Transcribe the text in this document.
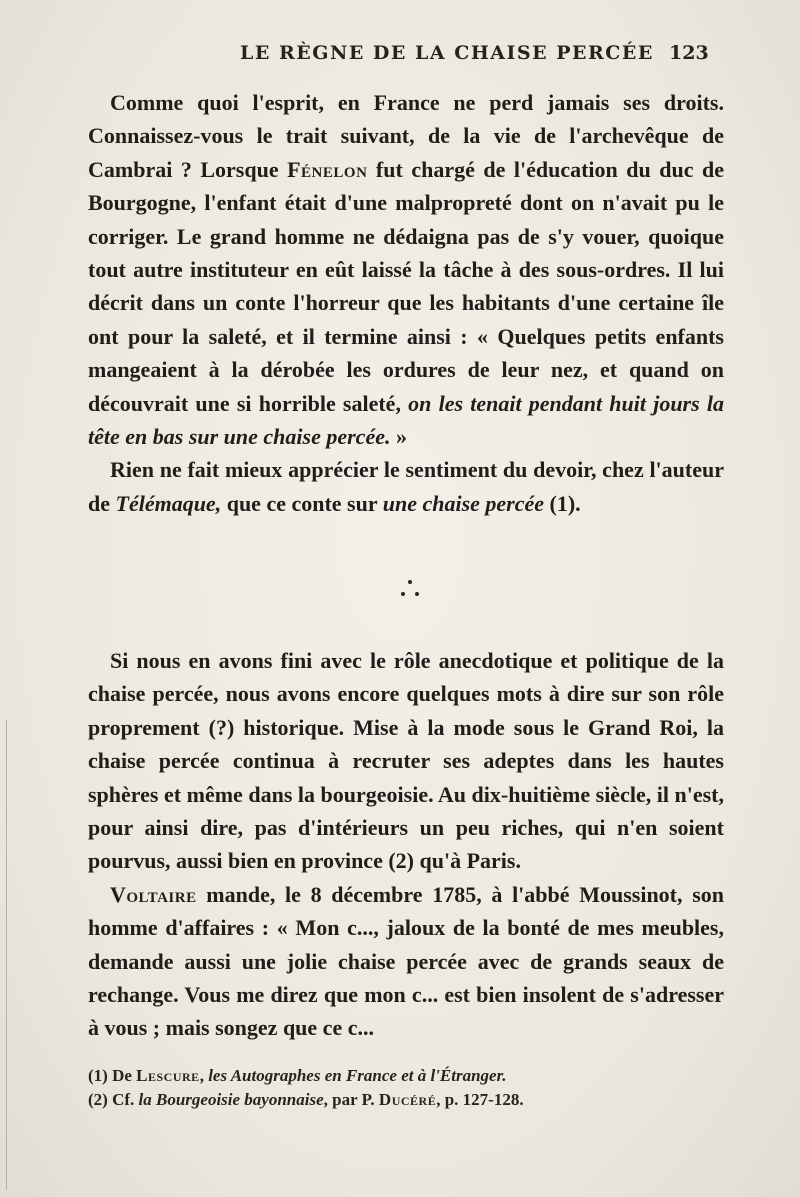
LE RÈGNE DE LA CHAISE PERCÉE 123

Comme quoi l'esprit, en France ne perd jamais ses droits. Connaissez-vous le trait suivant, de la vie de l'archevêque de Cambrai ? Lorsque Fénelon fut chargé de l'éducation du duc de Bourgogne, l'enfant était d'une malpropreté dont on n'avait pu le corriger. Le grand homme ne dédaigna pas de s'y vouer, quoique tout autre instituteur en eût laissé la tâche à des sous-ordres. Il lui décrit dans un conte l'horreur que les habitants d'une certaine île ont pour la saleté, et il termine ainsi : « Quelques petits enfants mangeaient à la dérobée les ordures de leur nez, et quand on découvrait une si horrible saleté, on les tenait pendant huit jours la tête en bas sur une chaise percée. »

Rien ne fait mieux apprécier le sentiment du devoir, chez l'auteur de Télémaque, que ce conte sur une chaise percée (1).

Si nous en avons fini avec le rôle anecdotique et politique de la chaise percée, nous avons encore quelques mots à dire sur son rôle proprement (?) historique. Mise à la mode sous le Grand Roi, la chaise percée continua à recruter ses adeptes dans les hautes sphères et même dans la bourgeoisie. Au dix-huitième siècle, il n'est, pour ainsi dire, pas d'intérieurs un peu riches, qui n'en soient pourvus, aussi bien en province (2) qu'à Paris.

Voltaire mande, le 8 décembre 1785, à l'abbé Moussinot, son homme d'affaires : « Mon c..., jaloux de la bonté de mes meubles, demande aussi une jolie chaise percée avec de grands seaux de rechange. Vous me direz que mon c... est bien insolent de s'adresser à vous ; mais songez que ce c...

(1) De Lescure, les Autographes en France et à l'Étranger.
(2) Cf. la Bourgeoisie bayonnaise, par P. Ducéré, p. 127-128.
